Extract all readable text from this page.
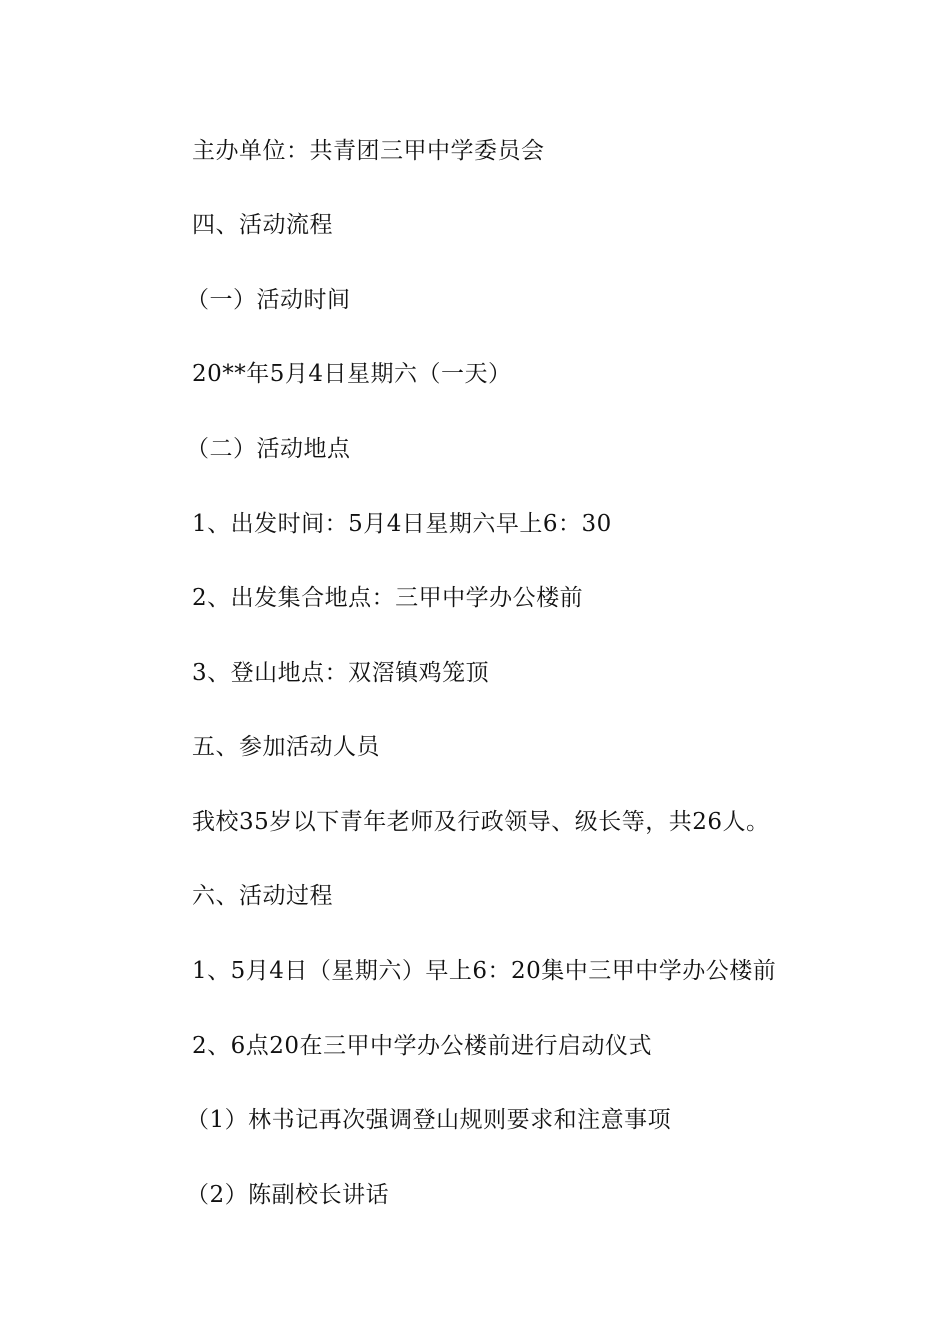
主办单位：共青团三甲中学委员会
四、活动流程
（一）活动时间
20**年5月4日星期六（一天）
（二）活动地点
1、出发时间：5月4日星期六早上6：30
2、出发集合地点：三甲中学办公楼前
3、登山地点：双滘镇鸡笼顶
五、参加活动人员
我校35岁以下青年老师及行政领导、级长等，共26人。
六、活动过程
1、5月4日（星期六）早上6：20集中三甲中学办公楼前
2、6点20在三甲中学办公楼前进行启动仪式
（1）林书记再次强调登山规则要求和注意事项
（2）陈副校长讲话
